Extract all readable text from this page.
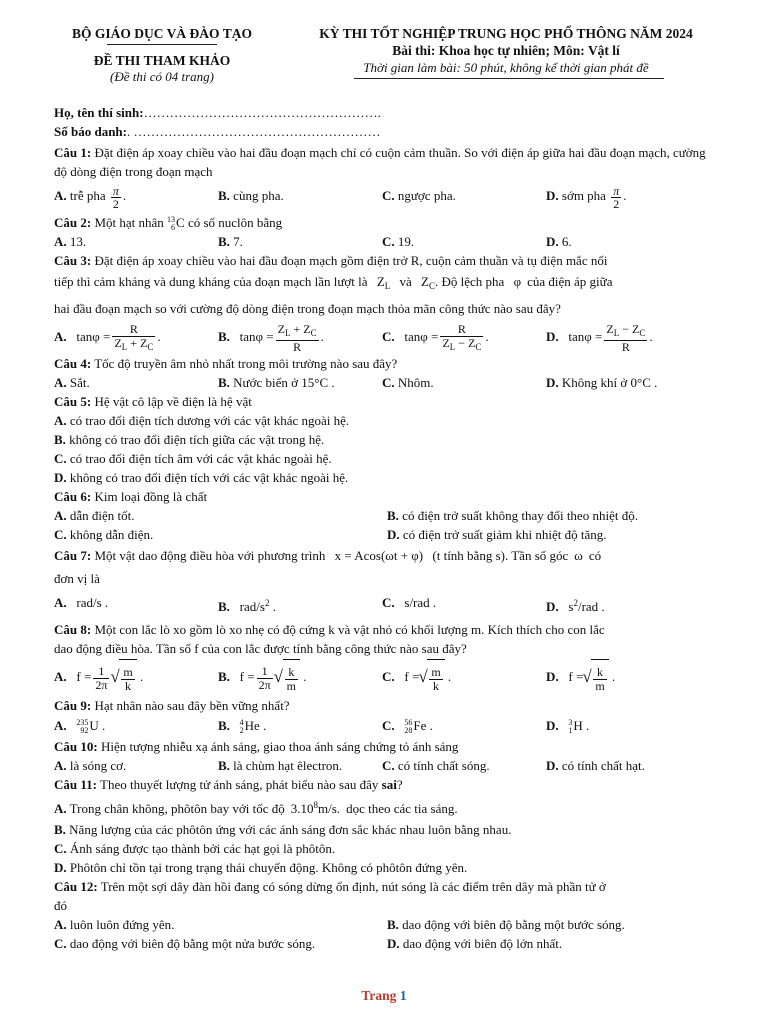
BỘ GIÁO DỤC VÀ ĐÀO TẠO
ĐỀ THI THAM KHẢO
(Đề thi có 04 trang)
KỲ THI TỐT NGHIỆP TRUNG HỌC PHỔ THÔNG NĂM 2024
Bài thi: Khoa học tự nhiên; Môn: Vật lí
Thời gian làm bài: 50 phút, không kể thời gian phát đề
Họ, tên thí sinh:……………………………………………….
Số báo danh:. …………………………………………………
Câu 1: Đặt điện áp xoay chiều vào hai đầu đoạn mạch chỉ có cuộn cảm thuần. So với điện áp giữa hai đầu đoạn mạch, cường độ dòng điện trong đoạn mạch
A. trễ pha $\frac{\pi}{2}$ .	B. cùng pha.	C. ngược pha.	D. sớm pha $\frac{\pi}{2}$ .
Câu 2: Một hạt nhân 13
6 C có số nuclôn bằng
A. 13.	B. 7.	C. 19.	D. 6.
Câu 3: Đặt điện áp xoay chiều vào hai đầu đoạn mạch gồm điện trở R, cuộn cảm thuần và tụ điện mắc nối
tiếp thì cảm kháng và dung kháng của đoạn mạch lần lượt là $Z_L$ và $Z_C$. Độ lệch pha φ của điện áp giữa
hai đầu đoạn mạch so với cường độ dòng điện trong đoạn mạch thỏa mãn công thức nào sau đây?
A. $\tan\varphi = \frac{R}{Z_L + Z_C}$ .	B. $\tan\varphi = \frac{Z_L + Z_C}{R}$ .	C. $\tan\varphi = \frac{R}{Z_L - Z_C}$ .	D. $\tan\varphi = \frac{Z_L - Z_C}{R}$ .
Câu 4: Tốc độ truyền âm nhỏ nhất trong môi trường nào sau đây?
A. Sắt.	B. Nước biển ở 15°C .	C. Nhôm.	D. Không khí ở 0°C .
Câu 5: Hệ vật cô lập về điện là hệ vật
A. có trao đổi điện tích dương với các vật khác ngoài hệ.
B. không có trao đổi điện tích giữa các vật trong hệ.
C. có trao đổi điện tích âm với các vật khác ngoài hệ.
D. không có trao đổi điện tích với các vật khác ngoài hệ.
Câu 6: Kim loại đồng là chất
A. dẫn điện tốt.	B. có điện trở suất không thay đổi theo nhiệt độ.
C. không dẫn điện.	D. có điện trở suất giảm khi nhiệt độ tăng.
Câu 7: Một vật dao động điều hòa với phương trình x = Acos(ωt + φ) (t tính bằng s). Tần số góc ω có
đơn vị là
A. rad/s .	B. rad/$s^2$ .	C. s/rad .	D. $s^2$/rad .
Câu 8: Một con lắc lò xo gồm lò xo nhẹ có độ cứng k và vật nhỏ có khối lượng m. Kích thích cho con lắc
dao động điều hòa. Tần số f của con lắc được tính bằng công thức nào sau đây?
A. $f = \frac{1}{2\pi}$ √ $\frac{m}{k}$ .	B. $f = \frac{1}{2\pi}$ √ $\frac{k}{m}$ .	C. f = √ $\frac{m}{k}$ .	D. f = √ $\frac{k}{m}$ .
Câu 9: Hạt nhân nào sau đây bền vững nhất?
A. 235
92 U .	B. 4
2 He .	C. 56
28 Fe .	D. 3
1 H .
Câu 10: Hiện tượng nhiễu xạ ánh sáng, giao thoa ánh sáng chứng tỏ ánh sáng
A. là sóng cơ.	B. là chùm hạt êlectron.	C. có tính chất sóng.	D. có tính chất hạt.
Câu 11: Theo thuyết lượng tử ánh sáng, phát biểu nào sau đây sai?
A. Trong chân không, phôtôn bay với tốc độ 3.10$^8$m/s. dọc theo các tia sáng.
B. Năng lượng của các phôtôn ứng với các ánh sáng đơn sắc khác nhau luôn bằng nhau.
C. Ánh sáng được tạo thành bởi các hạt gọi là phôtôn.
D. Phôtôn chỉ tồn tại trong trạng thái chuyển động. Không có phôtôn đứng yên.
Câu 12: Trên một sợi dây đàn hồi đang có sóng dừng ổn định, nút sóng là các điểm trên dây mà phần tử ở
đó
A. luôn luôn đứng yên.	B. dao động với biên độ bằng một bước sóng.
C. dao động với biên độ bằng một nửa bước sóng.	D. dao động với biên độ lớn nhất.
Trang 1
